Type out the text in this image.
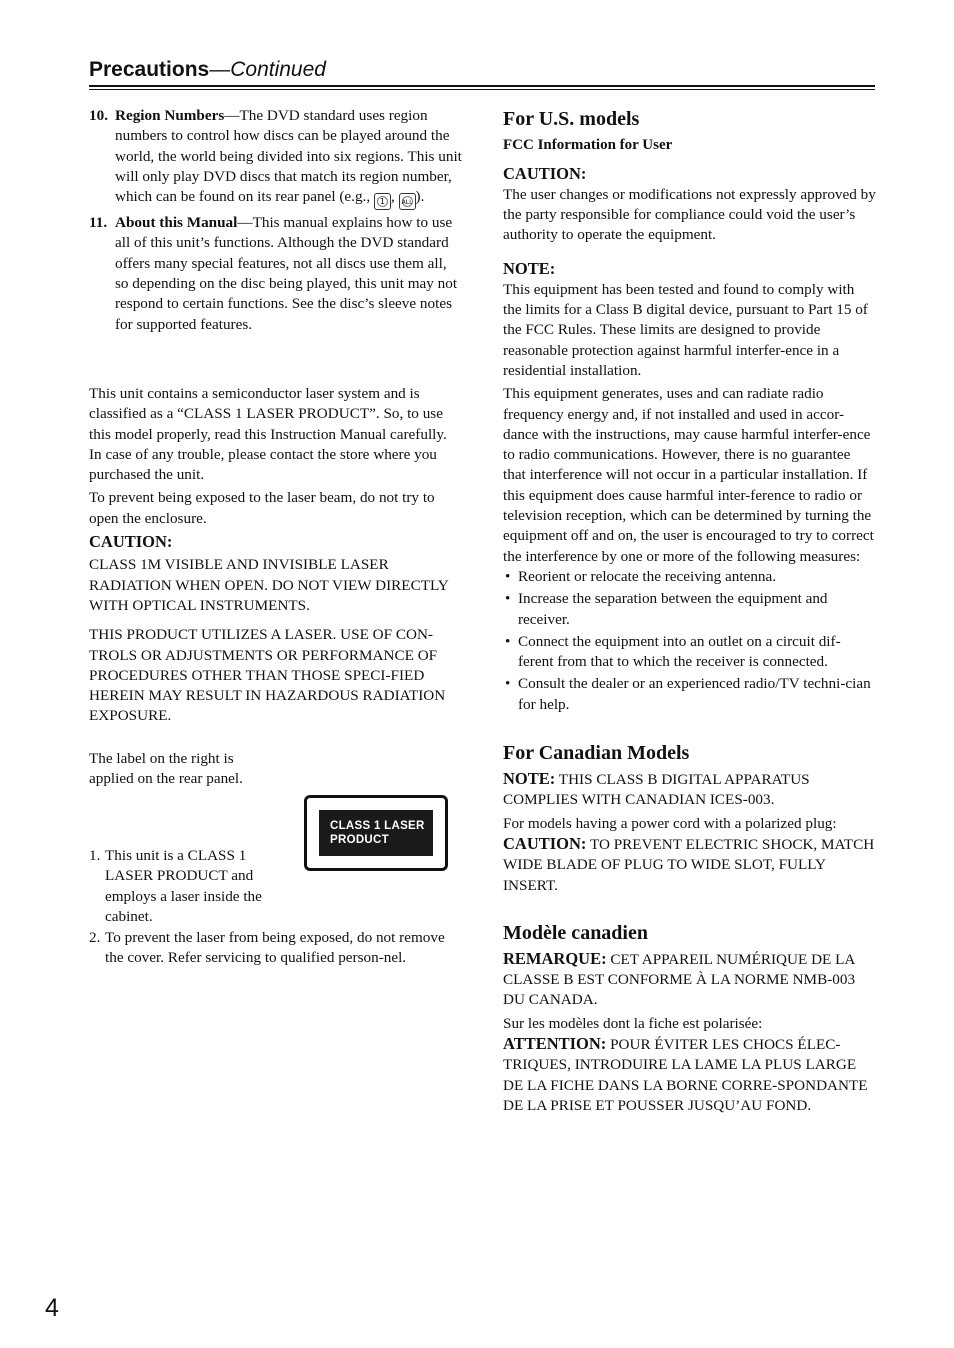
Precautions—Continued
10. Region Numbers—The DVD standard uses region numbers to control how discs can be played around the world, the world being divided into six regions. This unit will only play DVD discs that match its region number, which can be found on its rear panel (e.g., 1 , ALL ).
11. About this Manual—This manual explains how to use all of this unit’s functions. Although the DVD standard offers many special features, not all discs use them all, so depending on the disc being played, this unit may not respond to certain functions. See the disc’s sleeve notes for supported features.

This unit contains a semiconductor laser system and is classified as a “CLASS 1 LASER PRODUCT”. So, to use this model properly, read this Instruction Manual carefully. In case of any trouble, please contact the store where you purchased the unit.

To prevent being exposed to the laser beam, do not try to open the enclosure.

CAUTION:

CLASS 1M VISIBLE AND INVISIBLE LASER RADIATION WHEN OPEN. DO NOT VIEW DIRECTLY WITH OPTICAL INSTRUMENTS.

THIS PRODUCT UTILIZES A LASER. USE OF CON-TROLS OR ADJUSTMENTS OR PERFORMANCE OF PROCEDURES OTHER THAN THOSE SPECI-FIED HEREIN MAY RESULT IN HAZARDOUS RADIATION EXPOSURE.

The label on the right is applied on the rear panel.

CLASS 1 LASER
PRODUCT
1. This unit is a CLASS 1 LASER PRODUCT and employs a laser inside the cabinet.
2. To prevent the laser from being exposed, do not remove the cover. Refer servicing to qualified person-nel.
For U.S. models

FCC Information for User

CAUTION:

The user changes or modifications not expressly approved by the party responsible for compliance could void the user’s authority to operate the equipment.

NOTE:

This equipment has been tested and found to comply with the limits for a Class B digital device, pursuant to Part 15 of the FCC Rules. These limits are designed to provide reasonable protection against harmful interfer-ence in a residential installation.

This equipment generates, uses and can radiate radio frequency energy and, if not installed and used in accor-dance with the instructions, may cause harmful interfer-ence to radio communications. However, there is no guarantee that interference will not occur in a particular installation. If this equipment does cause harmful inter-ference to radio or television reception, which can be determined by turning the equipment off and on, the user is encouraged to try to correct the interference by one or more of the following measures:

• Reorient or relocate the receiving antenna.
• Increase the separation between the equipment and receiver.
• Connect the equipment into an outlet on a circuit dif-ferent from that to which the receiver is connected.
• Consult the dealer or an experienced radio/TV techni-cian for help.
For Canadian Models

NOTE: THIS CLASS B DIGITAL APPARATUS COMPLIES WITH CANADIAN ICES-003.

For models having a power cord with a polarized plug:

CAUTION: TO PREVENT ELECTRIC SHOCK, MATCH WIDE BLADE OF PLUG TO WIDE SLOT, FULLY INSERT.

Modèle canadien

REMARQUE: CET APPAREIL NUMÉRIQUE DE LA CLASSE B EST CONFORME À LA NORME NMB-003 DU CANADA.

Sur les modèles dont la fiche est polarisée:

ATTENTION: POUR ÉVITER LES CHOCS ÉLEC-TRIQUES, INTRODUIRE LA LAME LA PLUS LARGE DE LA FICHE DANS LA BORNE CORRE-SPONDANTE DE LA PRISE ET POUSSER JUSQU’AU FOND.

4
